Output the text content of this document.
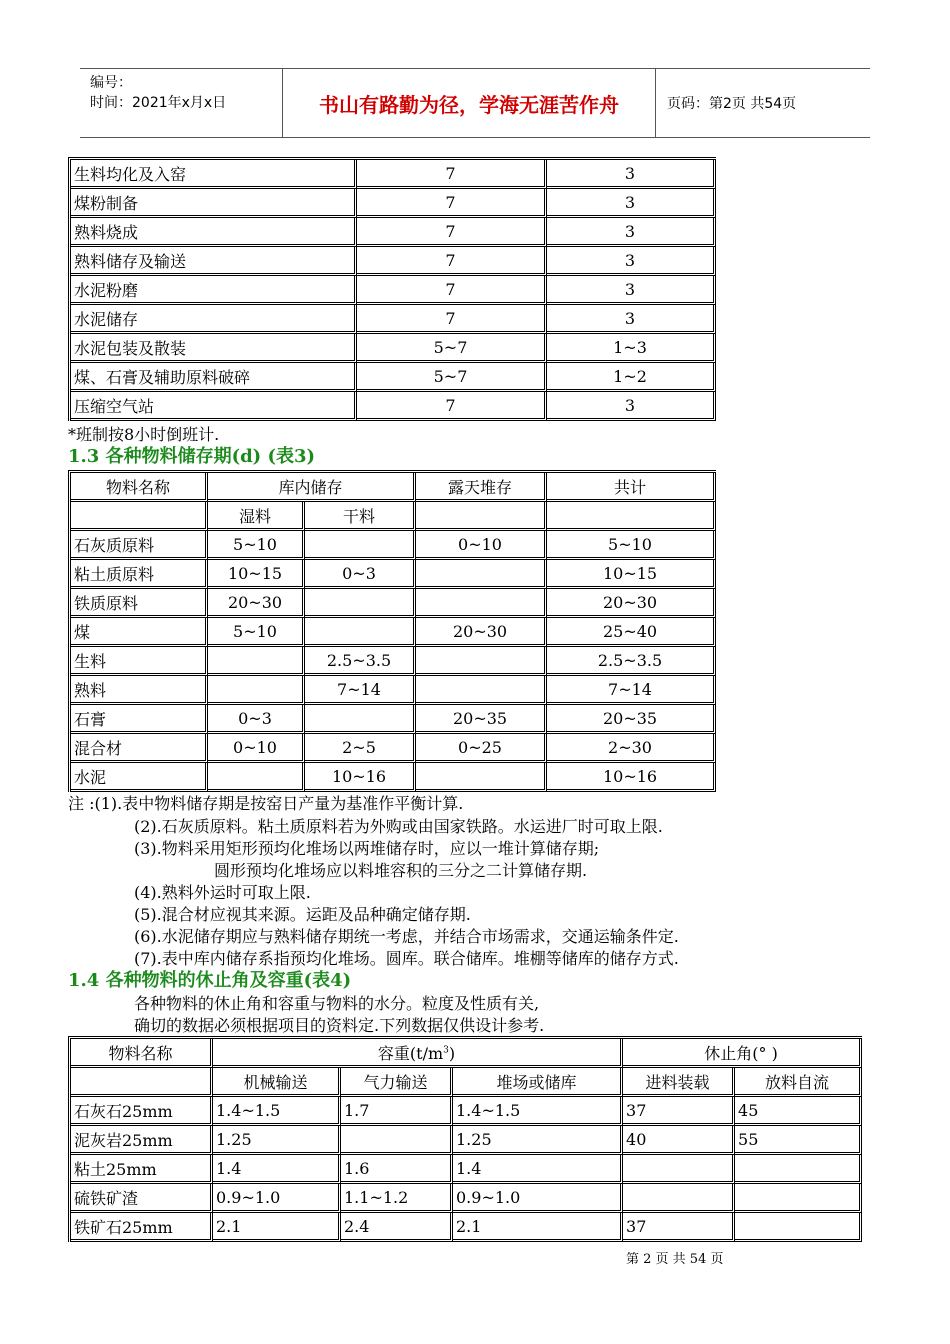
编号：
时间：2021年x月x日	书山有路勤为径，学海无涯苦作舟	页码：第2页 共54页
生料均化及入窑	7	3
煤粉制备	7	3
熟料烧成	7	3
熟料储存及输送	7	3
水泥粉磨	7	3
水泥储存	7	3
水泥包装及散装	5~7	1~3
煤、石膏及辅助原料破碎	5~7	1~2
压缩空气站	7	3
*班制按8小时倒班计.
1.3 各种物料储存期(d) (表3)
物料名称	库内储存		露天堆存	共计
	湿料	干料		
石灰质原料	5~10		0~10	5~10
粘土质原料	10~15	0~3		10~15
铁质原料	20~30			20~30
煤	5~10		20~30	25~40
生料		2.5~3.5		2.5~3.5
熟料		7~14		7~14
石膏	0~3		20~35	20~35
混合材	0~10	2~5	0~25	2~30
水泥		10~16		10~16
注 :(1).表中物料储存期是按窑日产量为基准作平衡计算.
(2).石灰质原料。粘土质原料若为外购或由国家铁路。水运进厂时可取上限.
(3).物料采用矩形预均化堆场以两堆储存时，应以一堆计算储存期;
圆形预均化堆场应以料堆容积的三分之二计算储存期.
(4).熟料外运时可取上限.
(5).混合材应视其来源。运距及品种确定储存期.
(6).水泥储存期应与熟料储存期统一考虑，并结合市场需求，交通运输条件定.
(7).表中库内储存系指预均化堆场。圆库。联合储库。堆棚等储库的储存方式.
1.4 各种物料的休止角及容重(表4)
各种物料的休止角和容重与物料的水分。粒度及性质有关,
确切的数据必须根据项目的资料定.下列数据仅供设计参考.
物料名称	容重$(t/m^3)$			休止角(° )	
	机械输送	气力输送	堆场或储库	进料装载	放料自流
石灰石25mm	1.4~1.5	1.7	1.4~1.5	37	45
泥灰岩25mm	1.25		1.25	40	55
粘土25mm	1.4	1.6	1.4		
硫铁矿渣	0.9~1.0	1.1~1.2	0.9~1.0		
铁矿石25mm	2.1	2.4	2.1	37	
第 2 页 共 54 页
